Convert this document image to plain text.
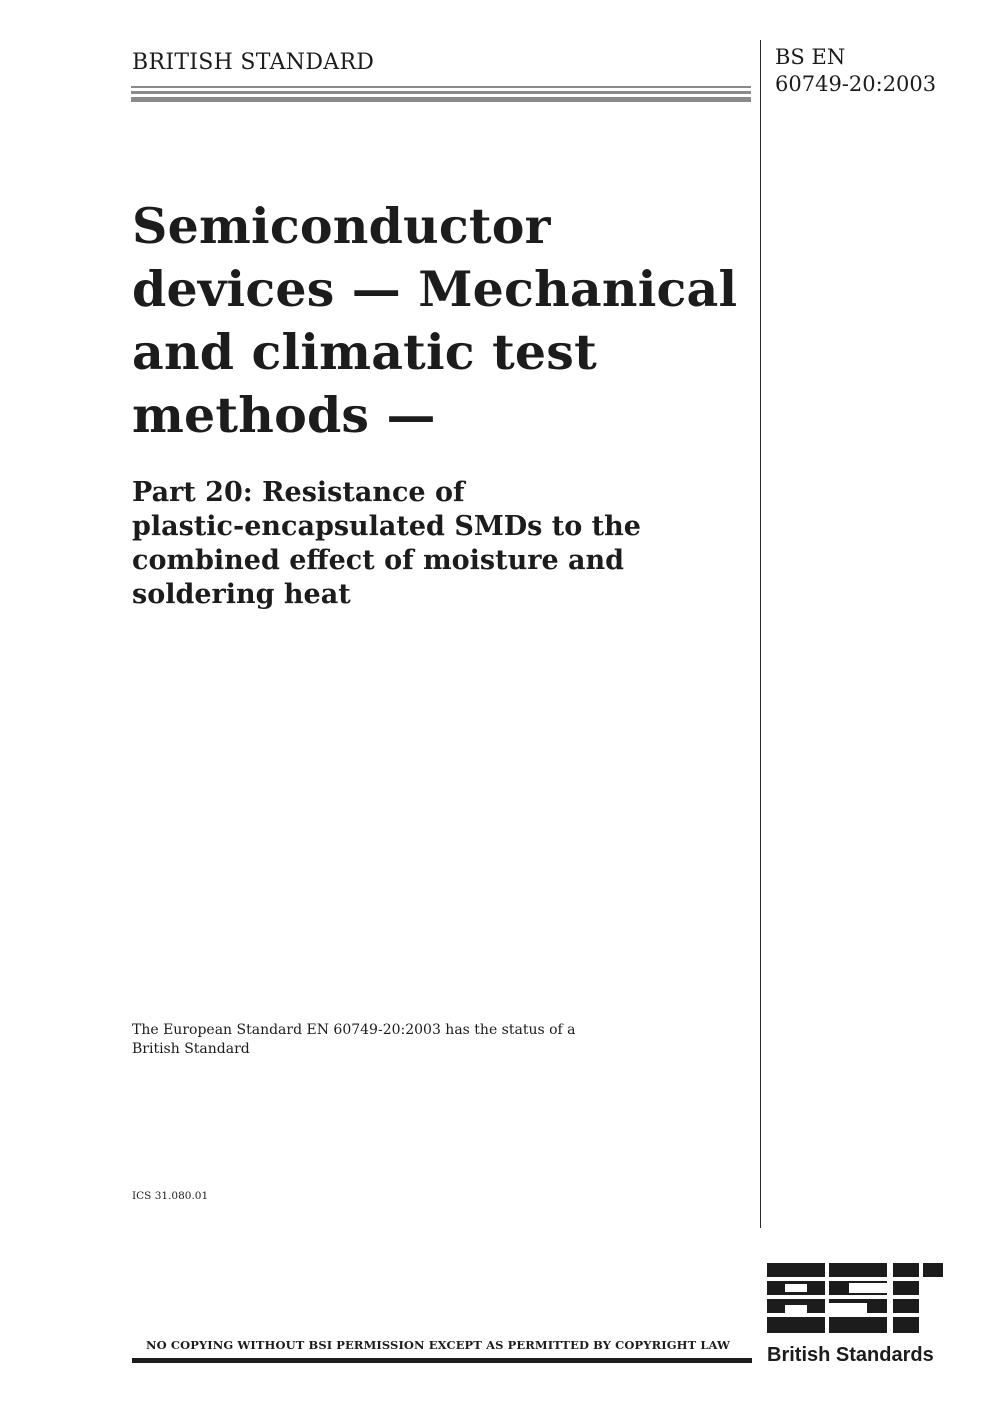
BRITISH STANDARD	BS EN
60749-20:2003
Semiconductor
devices — Mechanical
and climatic test
methods —
Part 20: Resistance of
plastic-encapsulated SMDs to the
combined effect of moisture and
soldering heat
The European Standard EN 60749-20:2003 has the status of a
British Standard
ICS 31.080.01
NO COPYING WITHOUT BSI PERMISSION EXCEPT AS PERMITTED BY COPYRIGHT LAW	British Standards
